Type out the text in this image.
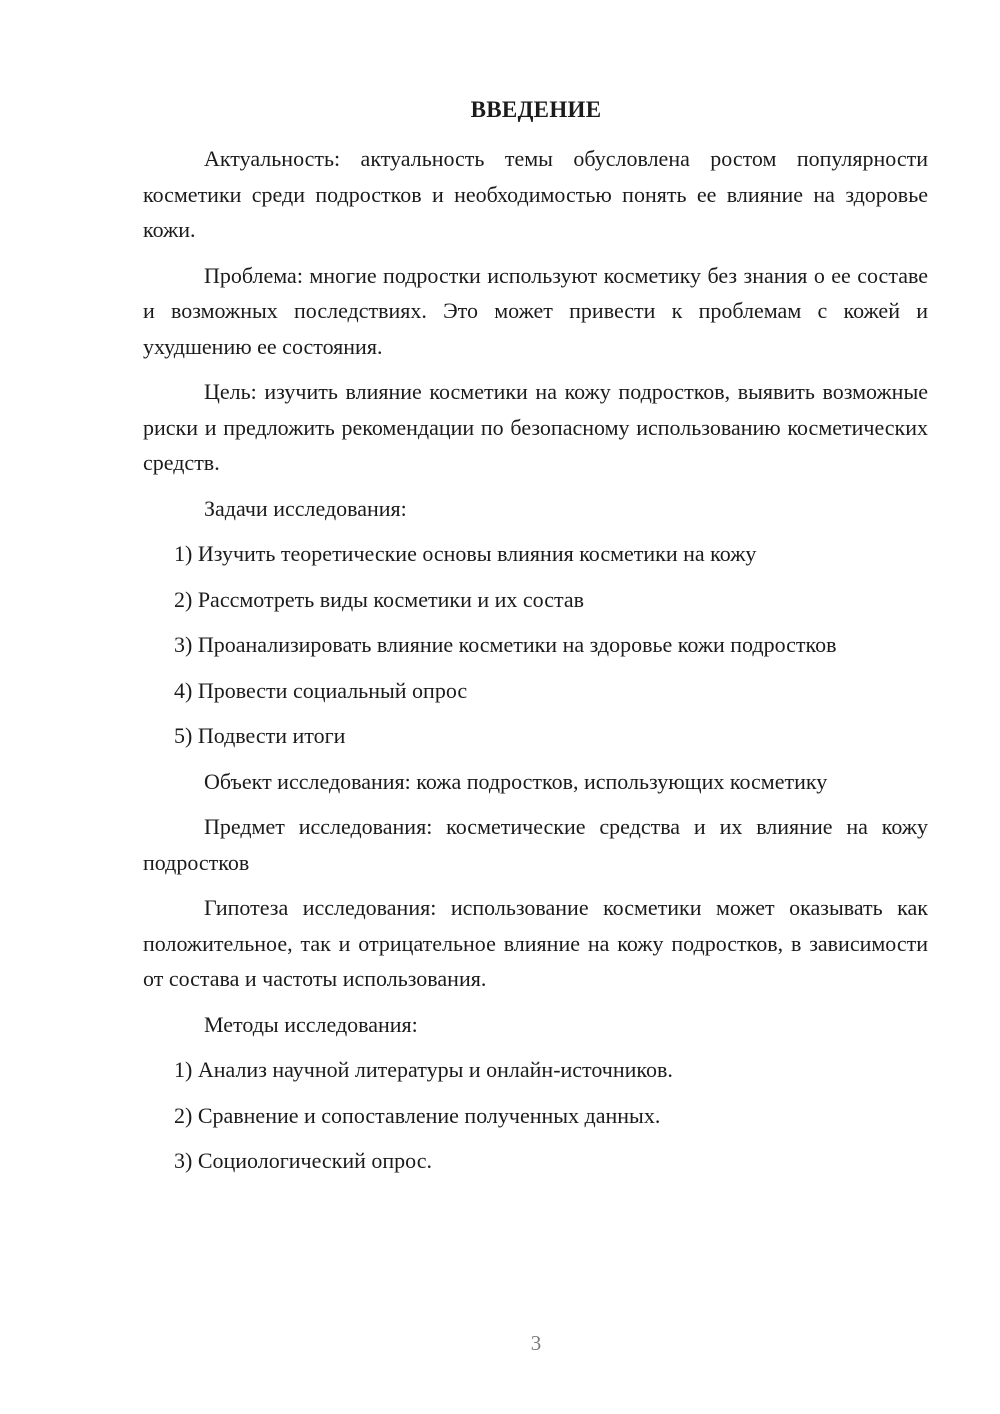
ВВЕДЕНИЕ

Актуальность: актуальность темы обусловлена ростом популярности косметики среди подростков и необходимостью понять ее влияние на здоровье кожи.

Проблема: многие подростки используют косметику без знания о ее составе и возможных последствиях. Это может привести к проблемам с кожей и ухудшению ее состояния.

Цель: изучить влияние косметики на кожу подростков, выявить возможные риски и предложить рекомендации по безопасному использованию косметических средств.

Задачи исследования:

1) Изучить теоретические основы влияния косметики на кожу

2) Рассмотреть виды косметики и их состав

3) Проанализировать влияние косметики на здоровье кожи подростков

4) Провести социальный опрос

5) Подвести итоги

Объект исследования: кожа подростков, использующих косметику

Предмет исследования: косметические средства и их влияние на кожу подростков

Гипотеза исследования: использование косметики может оказывать как положительное, так и отрицательное влияние на кожу подростков, в зависимости от состава и частоты использования.

Методы исследования:

1) Анализ научной литературы и онлайн-источников.

2) Сравнение и сопоставление полученных данных.

3) Социологический опрос.

3
